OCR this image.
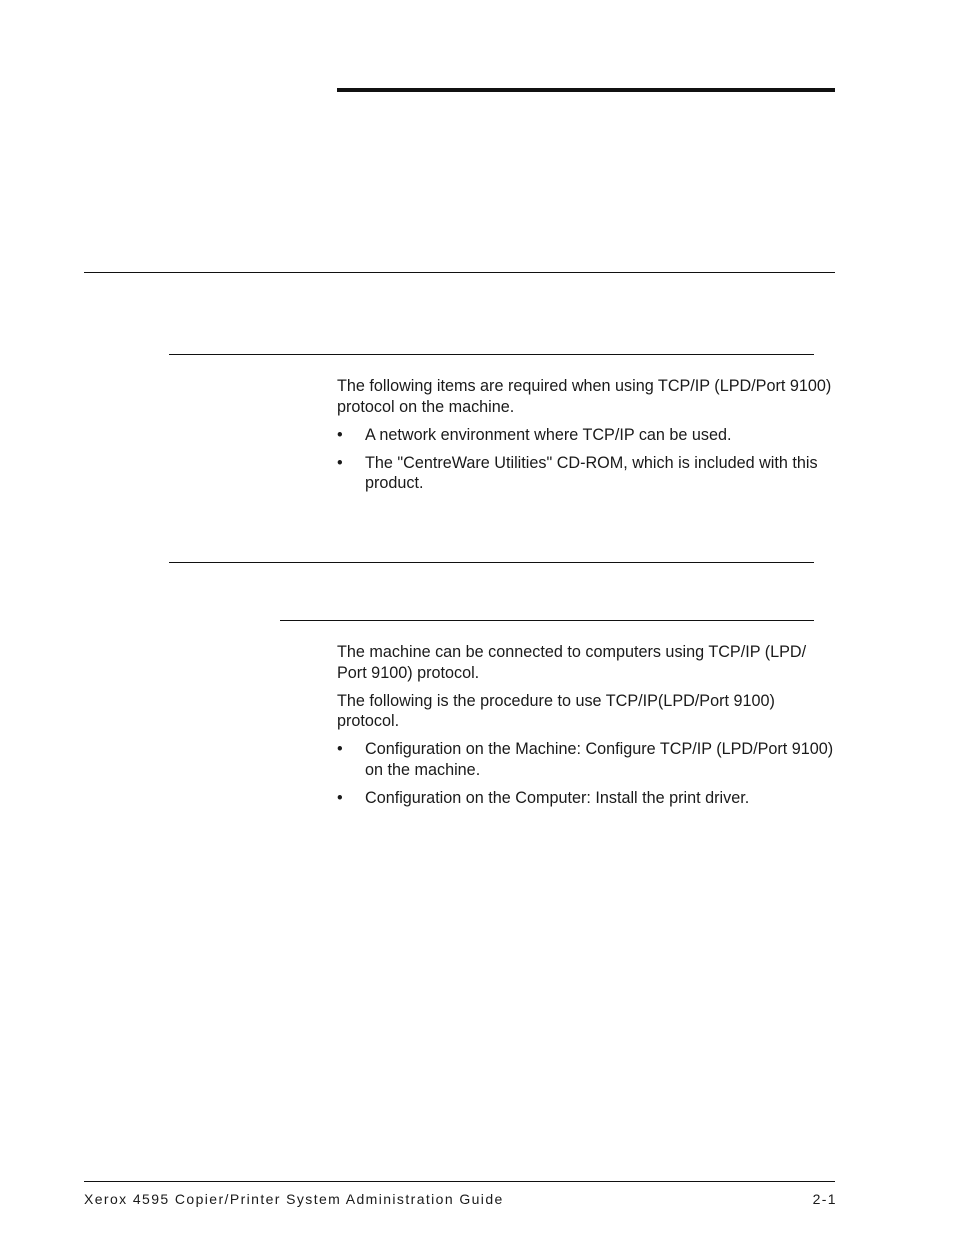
The following items are required when using TCP/IP (LPD/Port 9100) protocol on the machine.

• A network environment where TCP/IP can be used.
• The "CentreWare Utilities" CD-ROM, which is included with this product.

The machine can be connected to computers using TCP/IP (LPD/ Port 9100) protocol.

The following is the procedure to use TCP/IP(LPD/Port 9100) protocol.

• Configuration on the Machine: Configure TCP/IP (LPD/Port 9100) on the machine.
• Configuration on the Computer: Install the print driver.
Xerox 4595 Copier/Printer System Administration Guide	2-1
